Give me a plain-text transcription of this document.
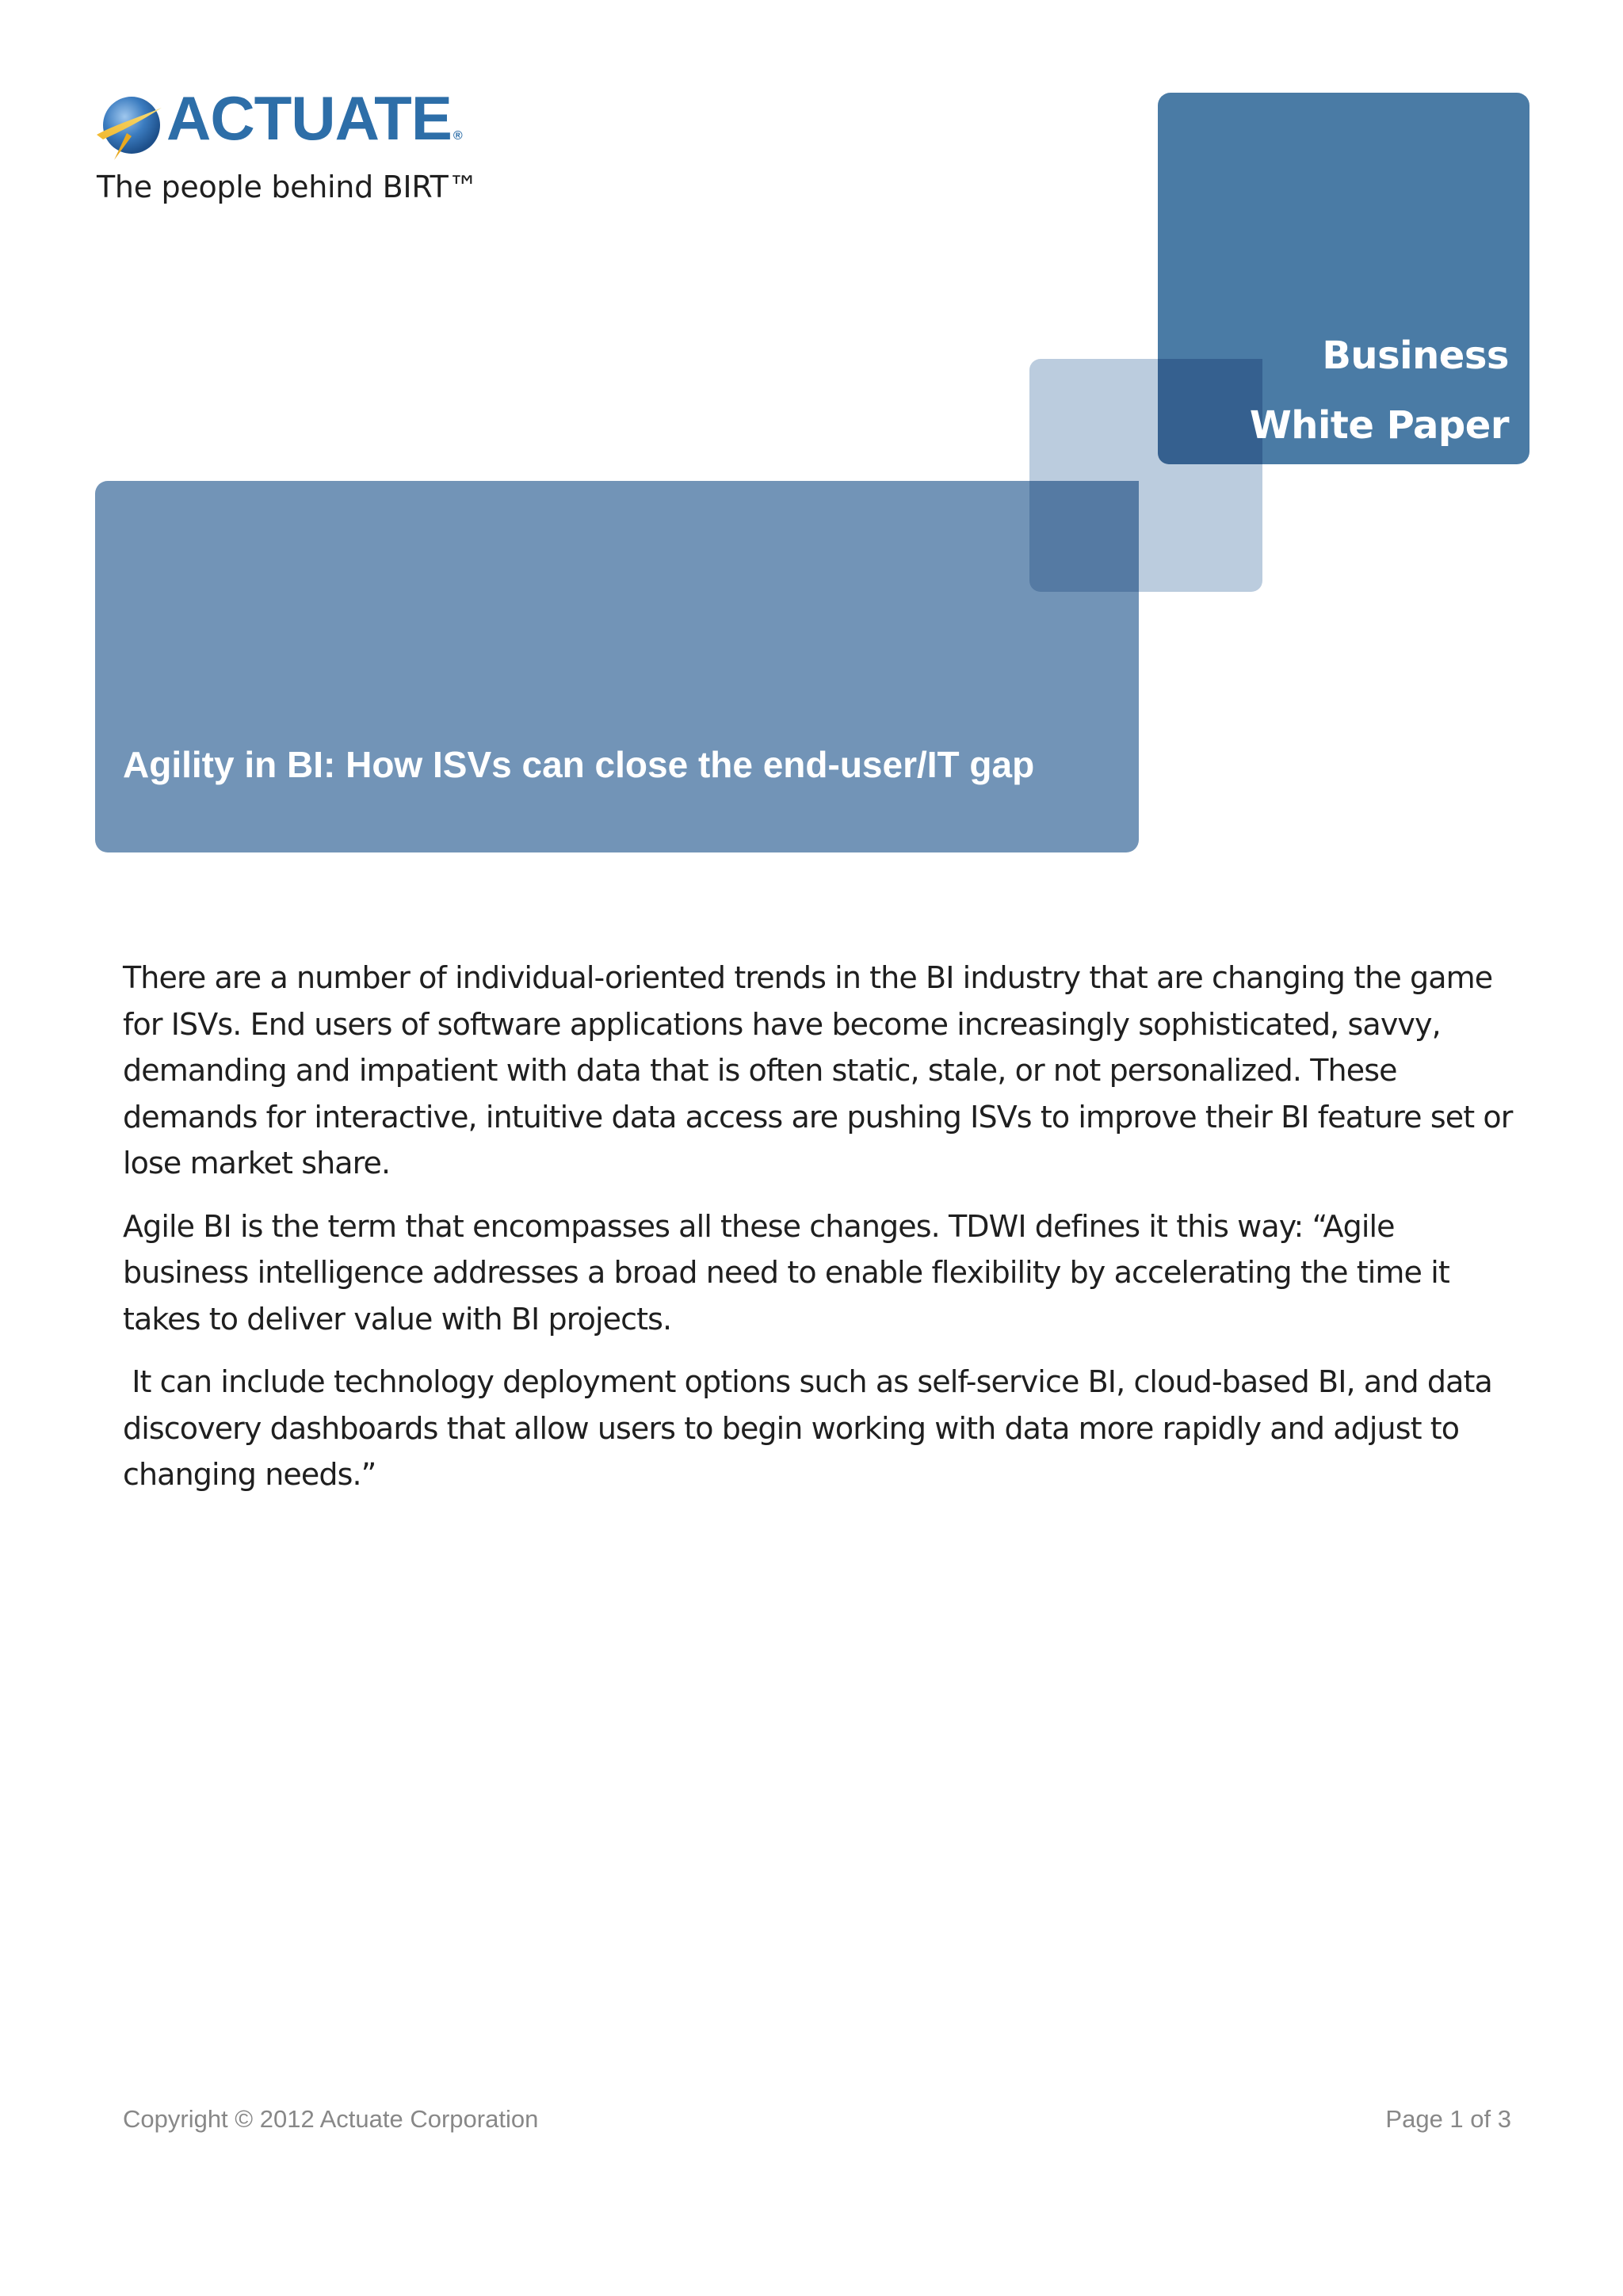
ACTUATE ®
The people behind BIRT™
Business
White Paper
Agility in BI: How ISVs can close the end-user/IT gap

There are a number of individual-oriented trends in the BI industry that are changing the game for ISVs. End users of software applications have become increasingly sophisticated, savvy, demanding and impatient with data that is often static, stale, or not personalized. These demands for interactive, intuitive data access are pushing ISVs to improve their BI feature set or lose market share.

Agile BI is the term that encompasses all these changes. TDWI defines it this way: “Agile business intelligence addresses a broad need to enable flexibility by accelerating the time it takes to deliver value with BI projects.

It can include technology deployment options such as self-service BI, cloud-based BI, and data discovery dashboards that allow users to begin working with data more rapidly and adjust to changing needs.”

Copyright © 2012 Actuate Corporation	Page 1 of 3
